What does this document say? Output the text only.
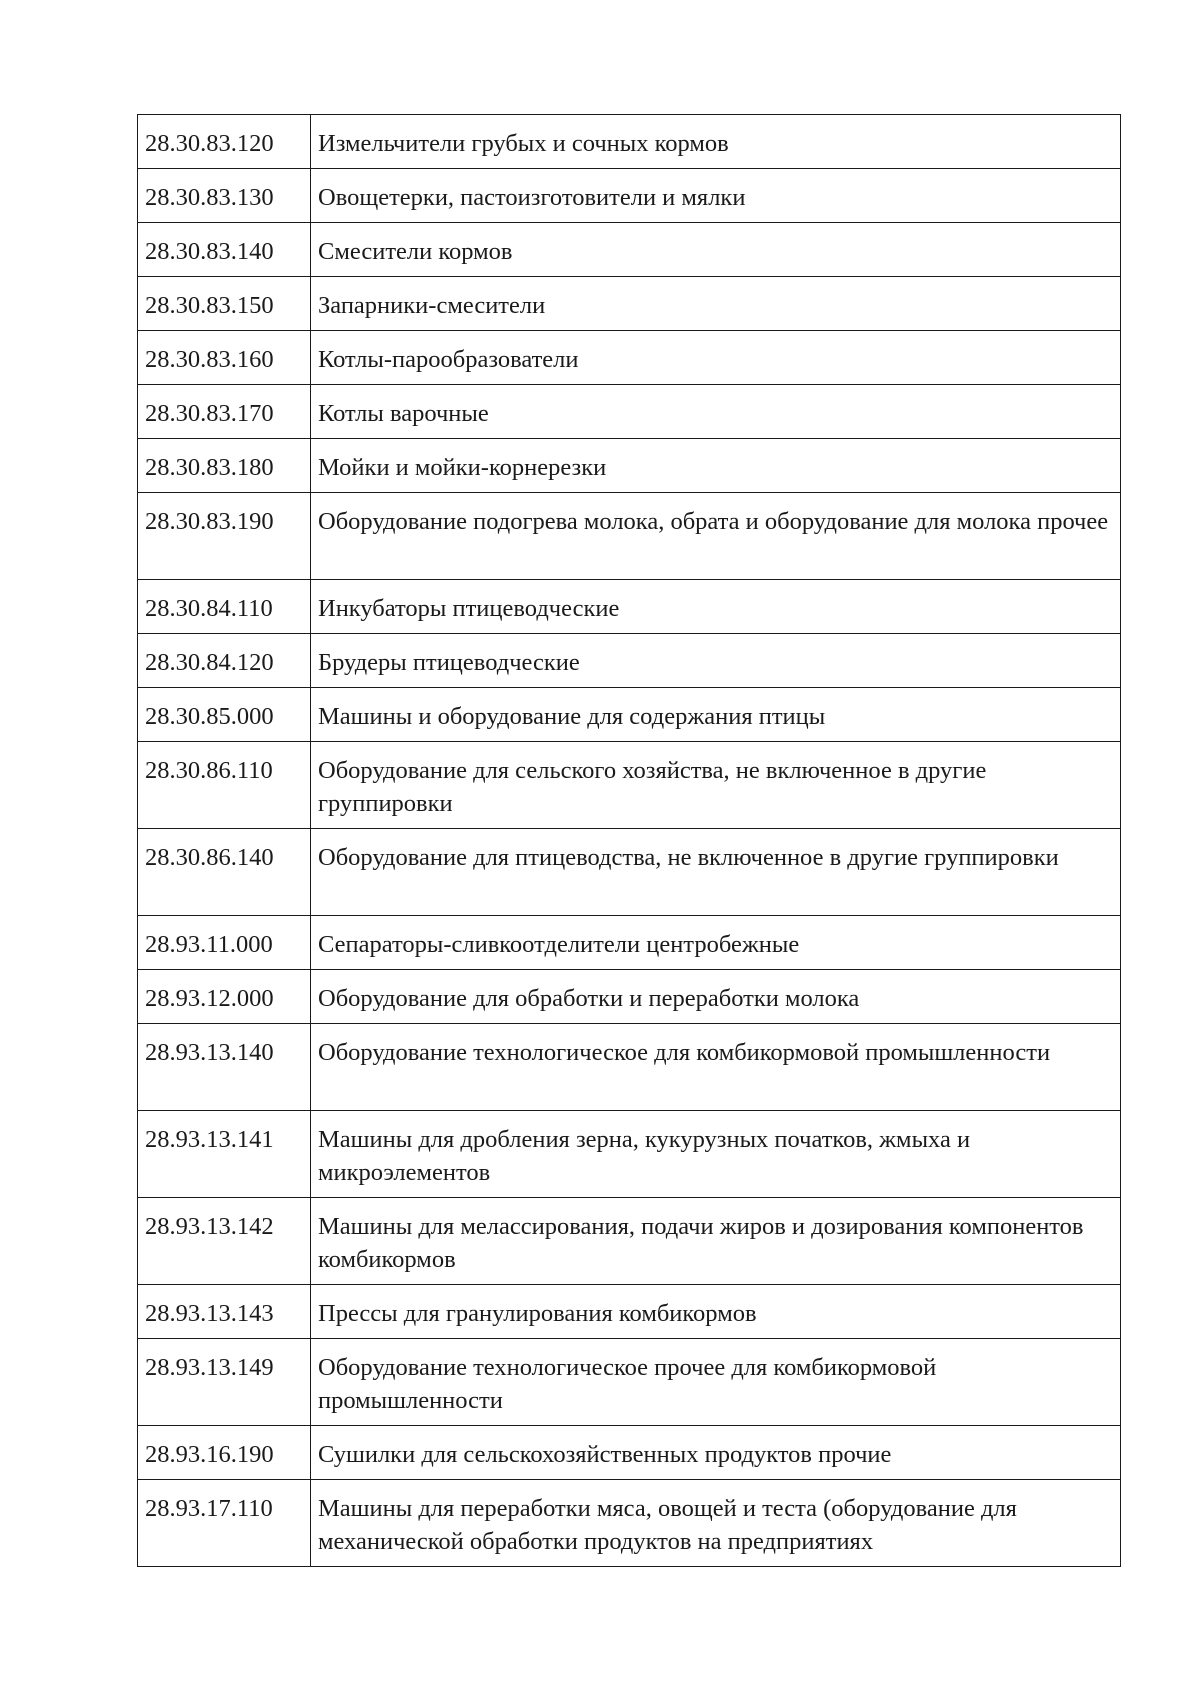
28.30.83.120	Измельчители грубых и сочных кормов
28.30.83.130	Овощетерки, пастоизготовители и мялки
28.30.83.140	Смесители кормов
28.30.83.150	Запарники-смесители
28.30.83.160	Котлы-парообразователи
28.30.83.170	Котлы варочные
28.30.83.180	Мойки и мойки-корнерезки
28.30.83.190	Оборудование подогрева молока, обрата и оборудование для молока прочее
28.30.84.110	Инкубаторы птицеводческие
28.30.84.120	Брудеры птицеводческие
28.30.85.000	Машины и оборудование для содержания птицы
28.30.86.110	Оборудование для сельского хозяйства, не включенное в другие группировки
28.30.86.140	Оборудование для птицеводства, не включенное в другие группировки
28.93.11.000	Сепараторы-сливкоотделители центробежные
28.93.12.000	Оборудование для обработки и переработки молока
28.93.13.140	Оборудование технологическое для комбикормовой промышленности
28.93.13.141	Машины для дробления зерна, кукурузных початков, жмыха и микроэлементов
28.93.13.142	Машины для мелассирования, подачи жиров и дозирования компонентов комбикормов
28.93.13.143	Прессы для гранулирования комбикормов
28.93.13.149	Оборудование технологическое прочее для комбикормовой промышленности
28.93.16.190	Сушилки для сельскохозяйственных продуктов прочие
28.93.17.110	Машины для переработки мяса, овощей и теста (оборудование для механической обработки продуктов на предприятиях
